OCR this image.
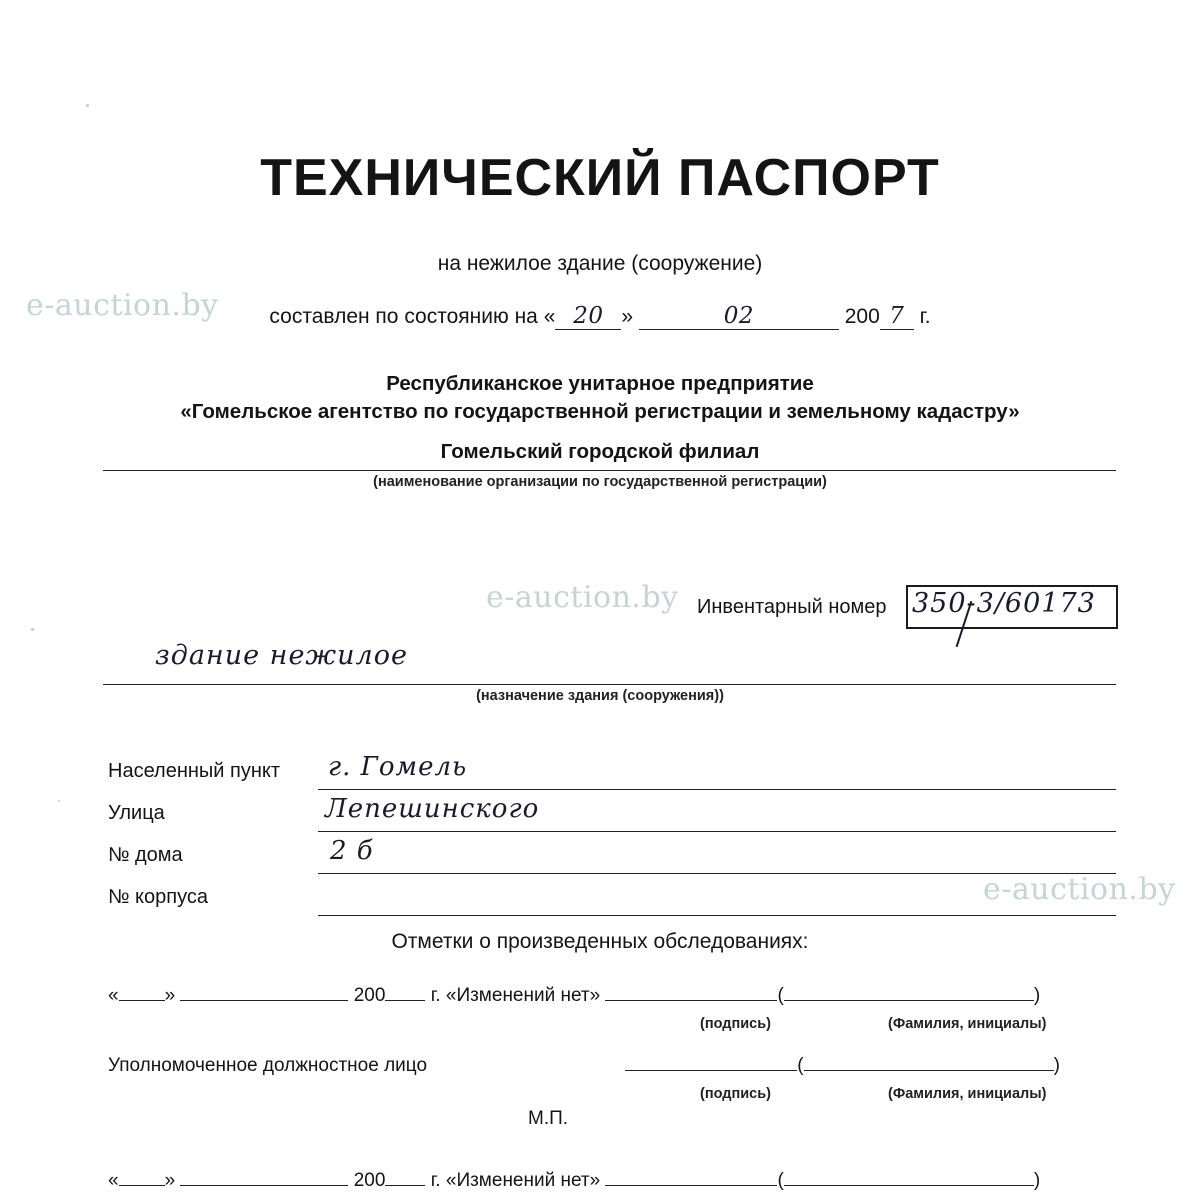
ТЕХНИЧЕСКИЙ ПАСПОРТ
на нежилое здание (сооружение)
составлен по состоянию на « 20 »	02	200 7 г.
Республиканское унитарное предприятие
«Гомельское агентство по государственной регистрации и земельному кадастру»
Гомельский городской филиал
(наименование организации по государственной регистрации)
e-auction.by
e-auction.by
e-auction.by
Инвентарный номер 350-3/60173
здание нежилое
(назначение здания (сооружения))
Населенный пункт г. Гомель
Улица	Лепешинского
№ дома	2 б
№ корпуса
Отметки о произведенных обследованиях:
« »	200 г. «Изменений нет»	(	)
(подпись)	(Фамилия, инициалы)
Уполномоченное должностное лицо	(	)
(подпись)	(Фамилия, инициалы)
М.П.
« »	200 г. «Изменений нет»	(	)
